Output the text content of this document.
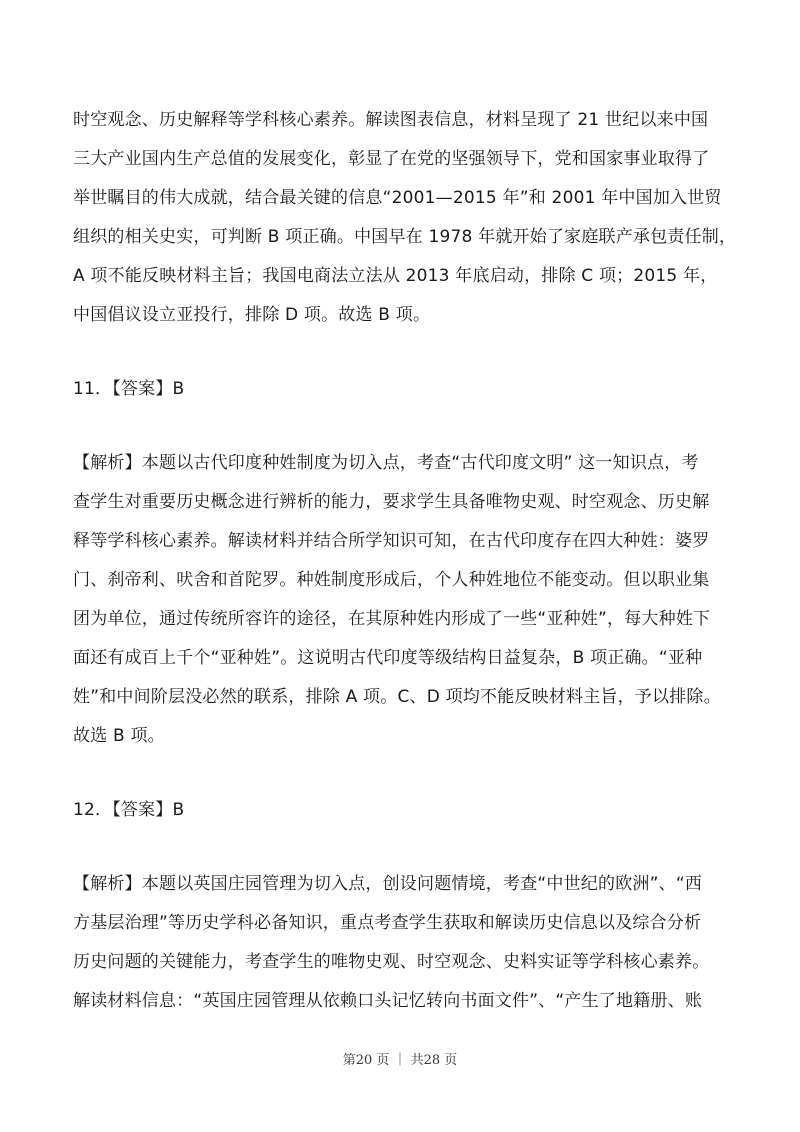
时空观念、历史解释等学科核心素养。解读图表信息，材料呈现了 21 世纪以来中国
三大产业国内生产总值的发展变化，彰显了在党的坚强领导下，党和国家事业取得了
举世瞩目的伟大成就，结合最关键的信息“2001—2015 年”和 2001 年中国加入世贸
组织的相关史实，可判断 B 项正确。中国早在 1978 年就开始了家庭联产承包责任制，
A 项不能反映材料主旨；我国电商法立法从 2013 年底启动，排除 C 项；2015 年，
中国倡议设立亚投行，排除 D 项。故选 B 项。
11．【答案】B
【解析】本题以古代印度种姓制度为切入点，考查“古代印度文明” 这一知识点，考
查学生对重要历史概念进行辨析的能力，要求学生具备唯物史观、时空观念、历史解
释等学科核心素养。解读材料并结合所学知识可知，在古代印度存在四大种姓：婆罗
门、刹帝利、吠舍和首陀罗。种姓制度形成后，个人种姓地位不能变动。但以职业集
团为单位，通过传统所容许的途径，在其原种姓内形成了一些“亚种姓”，每大种姓下
面还有成百上千个“亚种姓”。这说明古代印度等级结构日益复杂，B 项正确。“亚种
姓”和中间阶层没必然的联系，排除 A 项。C、D 项均不能反映材料主旨，予以排除。
故选 B 项。
12．【答案】B
【解析】本题以英国庄园管理为切入点，创设问题情境，考查“中世纪的欧洲”、“西
方基层治理”等历史学科必备知识，重点考查学生获取和解读历史信息以及综合分析
历史问题的关键能力，考查学生的唯物史观、时空观念、史料实证等学科核心素养。
解读材料信息：“英国庄园管理从依赖口头记忆转向书面文件”、“产生了地籍册、账
第20 页 ｜ 共28 页
